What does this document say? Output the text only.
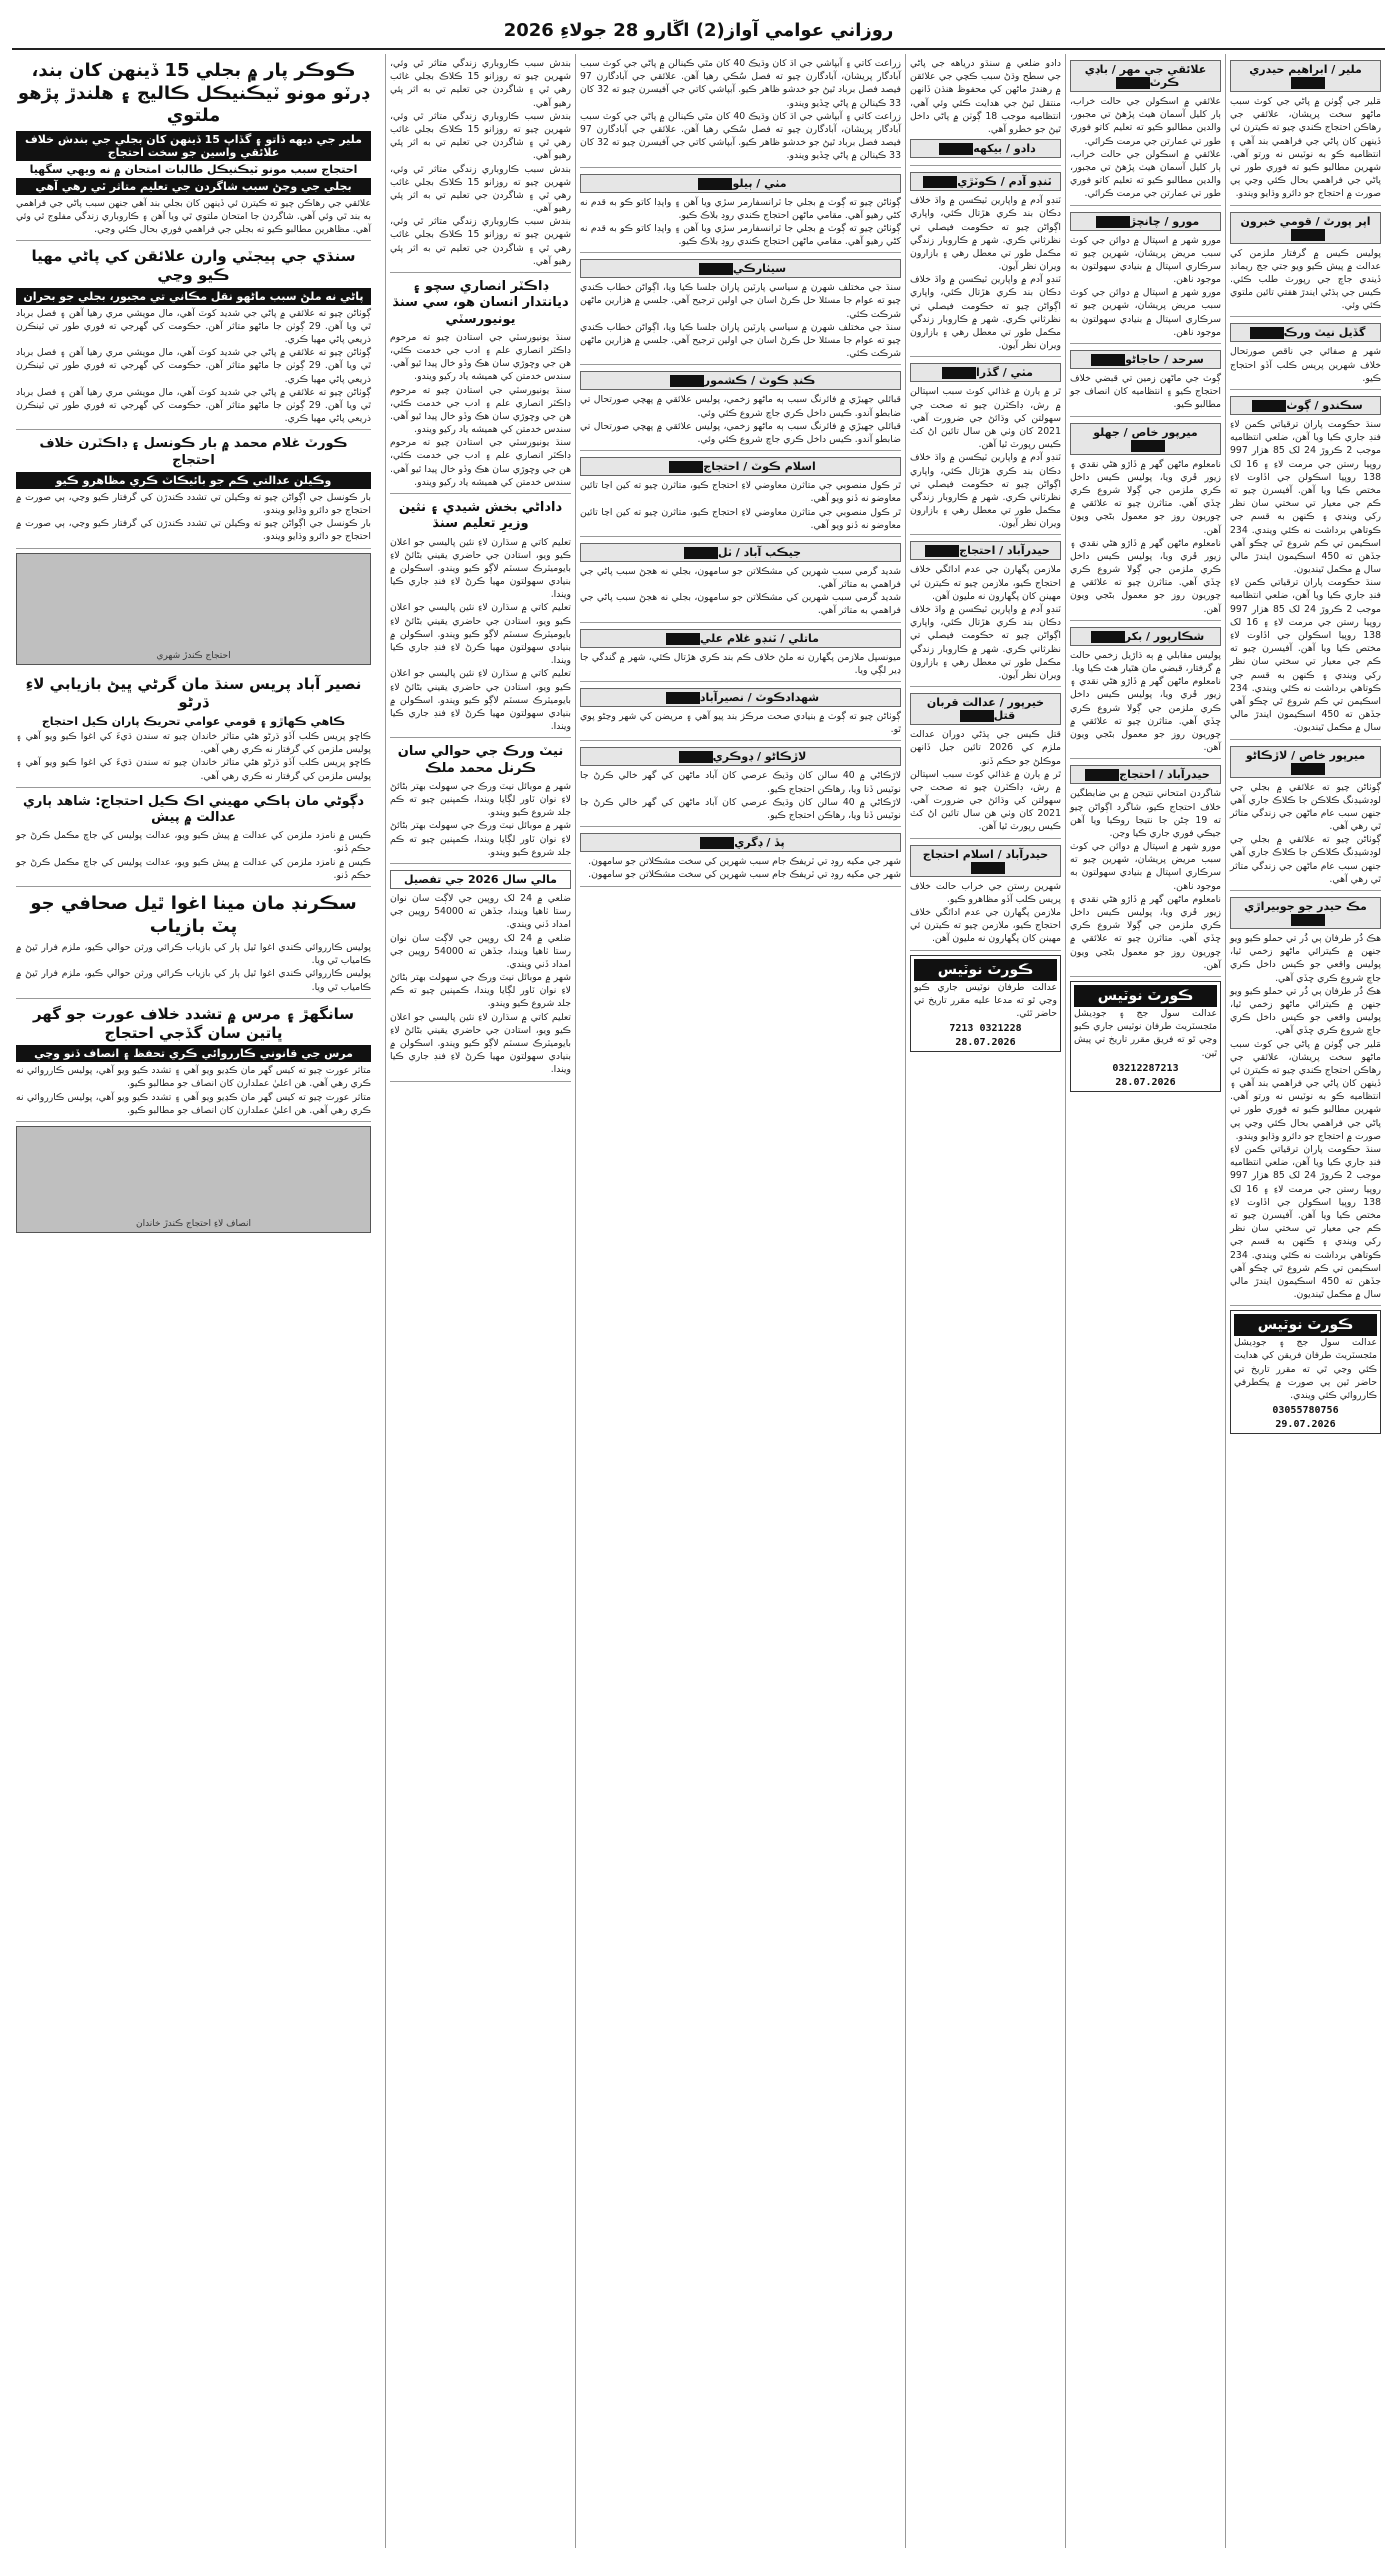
روزاني عوامي آواز(2) اڱارو 28 جولاءِ 2026
ملير / ابراهيم حيدري
مَلير جي ڳوٺن ۾ پاڻي جي کوٽ سبب ماڻهو سخت پريشان، علائقي جي رهاڪن احتجاج ڪندي چيو ته ڪيترن ئي ڏينهن کان پاڻي جي فراهمي بند آهي ۽ انتظاميه ڪو به نوٽيس نه ورتو آهي. شهرين مطالبو ڪيو ته فوري طور تي پاڻي جي فراهمي بحال ڪئي وڃي ٻي صورت ۾ احتجاج جو دائرو وڌايو ويندو.
اپر پورٽ / قومي خبرون
پوليس ڪيس ۾ گرفتار ملزمن کي عدالت ۾ پيش ڪيو ويو جتي جج ريمانڊ ڏيندي جاچ جي رپورٽ طلب ڪئي. ڪيس جي ٻڌڻي ايندڙ هفتي تائين ملتوي ڪئي وئي.
گڏيل نيٽ ورڪ
شهر ۾ صفائي جي ناقص صورتحال خلاف شهرين پريس ڪلب آڏو احتجاج ڪيو.
سڪندو / ڳوٺ
سنڌ حڪومت پاران ترقياتي ڪمن لاءِ فنڊ جاري ڪيا ويا آهن، ضلعي انتظاميه موجب 2 ڪروڙ 24 لک 85 هزار 997 روپيا رستن جي مرمت لاءِ ۽ 16 لک 138 روپيا اسڪولن جي اڏاوت لاءِ مختص ڪيا ويا آهن. آفيسرن چيو ته ڪم جي معيار تي سختي سان نظر رکي ويندي ۽ ڪنهن به قسم جي ڪوتاهي برداشت نه ڪئي ويندي. 234 اسڪيمن تي ڪم شروع ٿي چڪو آهي جڏهن ته 450 اسڪيمون ايندڙ مالي سال ۾ مڪمل ٿينديون.
سنڌ حڪومت پاران ترقياتي ڪمن لاءِ فنڊ جاري ڪيا ويا آهن، ضلعي انتظاميه موجب 2 ڪروڙ 24 لک 85 هزار 997 روپيا رستن جي مرمت لاءِ ۽ 16 لک 138 روپيا اسڪولن جي اڏاوت لاءِ مختص ڪيا ويا آهن. آفيسرن چيو ته ڪم جي معيار تي سختي سان نظر رکي ويندي ۽ ڪنهن به قسم جي ڪوتاهي برداشت نه ڪئي ويندي. 234 اسڪيمن تي ڪم شروع ٿي چڪو آهي جڏهن ته 450 اسڪيمون ايندڙ مالي سال ۾ مڪمل ٿينديون.
ميرپور خاص / لاڙڪاڻو
ڳوٺاڻن چيو ته علائقي ۾ بجلي جي لوڊشيڊنگ ڪلاڪن جا ڪلاڪ جاري آهي جنهن سبب عام ماڻهن جي زندگي متاثر ٿي رهي آهي.
ڳوٺاڻن چيو ته علائقي ۾ بجلي جي لوڊشيڊنگ ڪلاڪن جا ڪلاڪ جاري آهي جنهن سبب عام ماڻهن جي زندگي متاثر ٿي رهي آهي.
مڪ حيدر جو جوبيراڙي
هڪ ڌُر طرفان ٻي ڌُر تي حملو ڪيو ويو جنهن ۾ ڪيترائي ماڻهو زخمي ٿيا، پوليس واقعي جو ڪيس داخل ڪري جاچ شروع ڪري ڇڏي آهي.
هڪ ڌُر طرفان ٻي ڌُر تي حملو ڪيو ويو جنهن ۾ ڪيترائي ماڻهو زخمي ٿيا، پوليس واقعي جو ڪيس داخل ڪري جاچ شروع ڪري ڇڏي آهي.
مَلير جي ڳوٺن ۾ پاڻي جي کوٽ سبب ماڻهو سخت پريشان، علائقي جي رهاڪن احتجاج ڪندي چيو ته ڪيترن ئي ڏينهن کان پاڻي جي فراهمي بند آهي ۽ انتظاميه ڪو به نوٽيس نه ورتو آهي. شهرين مطالبو ڪيو ته فوري طور تي پاڻي جي فراهمي بحال ڪئي وڃي ٻي صورت ۾ احتجاج جو دائرو وڌايو ويندو.
سنڌ حڪومت پاران ترقياتي ڪمن لاءِ فنڊ جاري ڪيا ويا آهن، ضلعي انتظاميه موجب 2 ڪروڙ 24 لک 85 هزار 997 روپيا رستن جي مرمت لاءِ ۽ 16 لک 138 روپيا اسڪولن جي اڏاوت لاءِ مختص ڪيا ويا آهن. آفيسرن چيو ته ڪم جي معيار تي سختي سان نظر رکي ويندي ۽ ڪنهن به قسم جي ڪوتاهي برداشت نه ڪئي ويندي. 234 اسڪيمن تي ڪم شروع ٿي چڪو آهي جڏهن ته 450 اسڪيمون ايندڙ مالي سال ۾ مڪمل ٿينديون.
ڪورٽ نوٽيس
عدالت سول جج ۽ جوڊيشل مئجسٽريٽ طرفان فريقن کي هدايت ڪئي وڃي ٿي ته مقرر تاريخ تي حاضر ٿين ٻي صورت ۾ يڪطرفي ڪارروائي ڪئي ويندي.
03055780756
29.07.2026
علائقي جي مهر / باڊي ڪرٽ
علائقي ۾ اسڪولن جي حالت خراب، ٻار کليل آسمان هيٺ پڙهڻ تي مجبور، والدين مطالبو ڪيو ته تعليم کاتو فوري طور تي عمارتن جي مرمت ڪرائي.
علائقي ۾ اسڪولن جي حالت خراب، ٻار کليل آسمان هيٺ پڙهڻ تي مجبور، والدين مطالبو ڪيو ته تعليم کاتو فوري طور تي عمارتن جي مرمت ڪرائي.
مورو / چانچڙ
مورو شهر ۾ اسپتال ۾ دوائن جي کوٽ سبب مريض پريشان، شهرين چيو ته سرڪاري اسپتال ۾ بنيادي سهولتون به موجود ناهن.
مورو شهر ۾ اسپتال ۾ دوائن جي کوٽ سبب مريض پريشان، شهرين چيو ته سرڪاري اسپتال ۾ بنيادي سهولتون به موجود ناهن.
سرحد / حاجاڻو
ڳوٺ جي ماڻهن زمين تي قبضي خلاف احتجاج ڪيو ۽ انتظاميه کان انصاف جو مطالبو ڪيو.
ميرپور خاص / جهلو
نامعلوم ماڻهن گهر ۾ ڏاڙو هڻي نقدي ۽ زيور ڦري ويا، پوليس ڪيس داخل ڪري ملزمن جي ڳولا شروع ڪري ڇڏي آهي. متاثرن چيو ته علائقي ۾ چوريون روز جو معمول بڻجي ويون آهن.
نامعلوم ماڻهن گهر ۾ ڏاڙو هڻي نقدي ۽ زيور ڦري ويا، پوليس ڪيس داخل ڪري ملزمن جي ڳولا شروع ڪري ڇڏي آهي. متاثرن چيو ته علائقي ۾ چوريون روز جو معمول بڻجي ويون آهن.
شڪارپور / بکر
پوليس مقابلي ۾ ٻه ڌاڙيل زخمي حالت ۾ گرفتار، قبضي مان هٿيار هٿ ڪيا ويا.
نامعلوم ماڻهن گهر ۾ ڏاڙو هڻي نقدي ۽ زيور ڦري ويا، پوليس ڪيس داخل ڪري ملزمن جي ڳولا شروع ڪري ڇڏي آهي. متاثرن چيو ته علائقي ۾ چوريون روز جو معمول بڻجي ويون آهن.
حيدرآباد / احتجاج
شاگردن امتحاني نتيجن ۾ بي ضابطگين خلاف احتجاج ڪيو، شاگرد اڳواڻن چيو ته 19 ڄڻن جا نتيجا روڪيا ويا آهن جيڪي فوري جاري ڪيا وڃن.
مورو شهر ۾ اسپتال ۾ دوائن جي کوٽ سبب مريض پريشان، شهرين چيو ته سرڪاري اسپتال ۾ بنيادي سهولتون به موجود ناهن.
نامعلوم ماڻهن گهر ۾ ڏاڙو هڻي نقدي ۽ زيور ڦري ويا، پوليس ڪيس داخل ڪري ملزمن جي ڳولا شروع ڪري ڇڏي آهي. متاثرن چيو ته علائقي ۾ چوريون روز جو معمول بڻجي ويون آهن.
ڪورٽ نوٽيس
عدالت سول جج ۽ جوڊيشل مئجسٽريٽ طرفان نوٽيس جاري ڪيو وڃي ٿو ته فريق مقرر تاريخ تي پيش ٿين.
03212287213
28.07.2026
دادو ضلعي ۾ سنڌو درياهه جي پاڻي جي سطح وڌڻ سبب ڪچي جي علائقن ۾ رهندڙ ماڻهن کي محفوظ هنڌن ڏانهن منتقل ٿيڻ جي هدايت ڪئي وئي آهي، انتظاميه موجب 18 ڳوٺن ۾ پاڻي داخل ٿيڻ جو خطرو آهي.
دادو / بيکهه
ٽنڊو آدم / ڪوٽڙي
ٽنڊو آدم ۾ واپارين ٽيڪسن ۾ واڌ خلاف دڪان بند ڪري هڙتال ڪئي، واپاري اڳواڻن چيو ته حڪومت فيصلي تي نظرثاني ڪري. شهر ۾ ڪاروبار زندگي مڪمل طور تي معطل رهي ۽ بازارون ويران نظر آيون.
ٽنڊو آدم ۾ واپارين ٽيڪسن ۾ واڌ خلاف دڪان بند ڪري هڙتال ڪئي، واپاري اڳواڻن چيو ته حڪومت فيصلي تي نظرثاني ڪري. شهر ۾ ڪاروبار زندگي مڪمل طور تي معطل رهي ۽ بازارون ويران نظر آيون.
مٺي / گڏرا
ٿر ۾ ٻارن ۾ غذائي کوٽ سبب اسپتالن ۾ رش، ڊاڪٽرن چيو ته صحت جي سهولتن کي وڌائڻ جي ضرورت آهي. 2021 کان وٺي هن سال تائين اڻ کٽ ڪيس رپورٽ ٿيا آهن.
ٽنڊو آدم ۾ واپارين ٽيڪسن ۾ واڌ خلاف دڪان بند ڪري هڙتال ڪئي، واپاري اڳواڻن چيو ته حڪومت فيصلي تي نظرثاني ڪري. شهر ۾ ڪاروبار زندگي مڪمل طور تي معطل رهي ۽ بازارون ويران نظر آيون.
حيدرآباد / احتجاج
ملازمن پگهارن جي عدم ادائگي خلاف احتجاج ڪيو، ملازمن چيو ته ڪيترن ئي مهينن کان پگهارون نه مليون آهن.
ٽنڊو آدم ۾ واپارين ٽيڪسن ۾ واڌ خلاف دڪان بند ڪري هڙتال ڪئي، واپاري اڳواڻن چيو ته حڪومت فيصلي تي نظرثاني ڪري. شهر ۾ ڪاروبار زندگي مڪمل طور تي معطل رهي ۽ بازارون ويران نظر آيون.
خيرپور / عدالت قربان قتل
قتل ڪيس جي ٻڌڻي دوران عدالت ملزم کي 2026 تائين جيل ڏانهن موڪلڻ جو حڪم ڏنو.
ٿر ۾ ٻارن ۾ غذائي کوٽ سبب اسپتالن ۾ رش، ڊاڪٽرن چيو ته صحت جي سهولتن کي وڌائڻ جي ضرورت آهي. 2021 کان وٺي هن سال تائين اڻ کٽ ڪيس رپورٽ ٿيا آهن.
حيدرآباد / اسلام احتجاج
شهرين رستن جي خراب حالت خلاف پريس ڪلب آڏو مظاهرو ڪيو.
ملازمن پگهارن جي عدم ادائگي خلاف احتجاج ڪيو، ملازمن چيو ته ڪيترن ئي مهينن کان پگهارون نه مليون آهن.
ڪورٽ نوٽيس
عدالت طرفان نوٽيس جاري ڪيو وڃي ٿو ته مدعا عليه مقرر تاريخ تي حاضر ٿئي.
0321228 7213
28.07.2026
زراعت کاتي ۽ آبپاشي جي اڌ کان وڌيڪ 40 کان مٿي ڪينالن ۾ پاڻي جي کوٽ سبب آبادگار پريشان، آبادگارن چيو ته فصل سُڪي رهيا آهن. علائقي جي آبادگارن 97 فيصد فصل برباد ٿيڻ جو خدشو ظاهر ڪيو. آبپاشي کاتي جي آفيسرن چيو ته 32 کان 33 ڪينالن ۾ پاڻي ڇڏيو ويندو.
زراعت کاتي ۽ آبپاشي جي اڌ کان وڌيڪ 40 کان مٿي ڪينالن ۾ پاڻي جي کوٽ سبب آبادگار پريشان، آبادگارن چيو ته فصل سُڪي رهيا آهن. علائقي جي آبادگارن 97 فيصد فصل برباد ٿيڻ جو خدشو ظاهر ڪيو. آبپاشي کاتي جي آفيسرن چيو ته 32 کان 33 ڪينالن ۾ پاڻي ڇڏيو ويندو.
مٺي / ٻيلو
ڳوٺاڻن چيو ته ڳوٺ ۾ بجلي جا ٽرانسفارمر سڙي ويا آهن ۽ واپڊا کاتو ڪو به قدم نه کڻي رهيو آهي. مقامي ماڻهن احتجاج ڪندي روڊ بلاڪ ڪيو.
ڳوٺاڻن چيو ته ڳوٺ ۾ بجلي جا ٽرانسفارمر سڙي ويا آهن ۽ واپڊا کاتو ڪو به قدم نه کڻي رهيو آهي. مقامي ماڻهن احتجاج ڪندي روڊ بلاڪ ڪيو.
سيٺارڪي
سنڌ جي مختلف شهرن ۾ سياسي پارٽين پاران جلسا ڪيا ويا، اڳواڻن خطاب ڪندي چيو ته عوام جا مسئلا حل ڪرڻ اسان جي اولين ترجيح آهي. جلسي ۾ هزارين ماڻهن شرڪت ڪئي.
سنڌ جي مختلف شهرن ۾ سياسي پارٽين پاران جلسا ڪيا ويا، اڳواڻن خطاب ڪندي چيو ته عوام جا مسئلا حل ڪرڻ اسان جي اولين ترجيح آهي. جلسي ۾ هزارين ماڻهن شرڪت ڪئي.
ڪنڊ ڪوٽ / ڪشمور
قبائلي جهيڙي ۾ فائرنگ سبب ٻه ماڻهو زخمي، پوليس علائقي ۾ پهچي صورتحال تي ضابطو آندو. ڪيس داخل ڪري جاچ شروع ڪئي وئي.
قبائلي جهيڙي ۾ فائرنگ سبب ٻه ماڻهو زخمي، پوليس علائقي ۾ پهچي صورتحال تي ضابطو آندو. ڪيس داخل ڪري جاچ شروع ڪئي وئي.
اسلام ڪوٽ / احتجاج
ٿر ڪول منصوبي جي متاثرن معاوضي لاءِ احتجاج ڪيو، متاثرن چيو ته کين اڃا تائين معاوضو نه ڏنو ويو آهي.
ٿر ڪول منصوبي جي متاثرن معاوضي لاءِ احتجاج ڪيو، متاثرن چيو ته کين اڃا تائين معاوضو نه ڏنو ويو آهي.
جيڪب آباد / ٺل
شديد گرمي سبب شهرين کي مشڪلاتن جو سامهون، بجلي نه هجڻ سبب پاڻي جي فراهمي به متاثر آهي.
شديد گرمي سبب شهرين کي مشڪلاتن جو سامهون، بجلي نه هجڻ سبب پاڻي جي فراهمي به متاثر آهي.
ماتلي / ٽنڊو غلام علي
ميونسپل ملازمن پگهارن نه ملڻ خلاف ڪم بند ڪري هڙتال ڪئي، شهر ۾ گندگي جا ڍير لڳي ويا.
شهدادڪوٽ / نصيرآباد
ڳوٺاڻن چيو ته ڳوٺ ۾ بنيادي صحت مرڪز بند پيو آهي ۽ مريضن کي شهر وڃڻو پوي ٿو.
لاڙڪاڻو / ڊوڪري
لاڙڪاڻي ۾ 40 سالن کان وڌيڪ عرصي کان آباد ماڻهن کي گهر خالي ڪرڻ جا نوٽيس ڏنا ويا، رهاڪن احتجاج ڪيو.
لاڙڪاڻي ۾ 40 سالن کان وڌيڪ عرصي کان آباد ماڻهن کي گهر خالي ڪرڻ جا نوٽيس ڏنا ويا، رهاڪن احتجاج ڪيو.
پڏ / ڊگري
شهر جي مکيه روڊ تي ٽريفڪ جام سبب شهرين کي سخت مشڪلاتن جو سامهون.
شهر جي مکيه روڊ تي ٽريفڪ جام سبب شهرين کي سخت مشڪلاتن جو سامهون.
بندش سبب ڪاروباري زندگي متاثر ٿي وئي، شهرين چيو ته روزانو 15 ڪلاڪ بجلي غائب رهي ٿي ۽ شاگردن جي تعليم تي به اثر پئي رهيو آهي.
بندش سبب ڪاروباري زندگي متاثر ٿي وئي، شهرين چيو ته روزانو 15 ڪلاڪ بجلي غائب رهي ٿي ۽ شاگردن جي تعليم تي به اثر پئي رهيو آهي.
بندش سبب ڪاروباري زندگي متاثر ٿي وئي، شهرين چيو ته روزانو 15 ڪلاڪ بجلي غائب رهي ٿي ۽ شاگردن جي تعليم تي به اثر پئي رهيو آهي.
بندش سبب ڪاروباري زندگي متاثر ٿي وئي، شهرين چيو ته روزانو 15 ڪلاڪ بجلي غائب رهي ٿي ۽ شاگردن جي تعليم تي به اثر پئي رهيو آهي.
ڊاڪٽر انصاري سچو ۽ ديانتدار انسان هو، سي سنڌ يونيورسٽي
سنڌ يونيورسٽي جي استادن چيو ته مرحوم ڊاڪٽر انصاري علم ۽ ادب جي خدمت ڪئي، هن جي وڇوڙي سان هڪ وڏو خال پيدا ٿيو آهي. سندس خدمتن کي هميشه ياد رکيو ويندو.
سنڌ يونيورسٽي جي استادن چيو ته مرحوم ڊاڪٽر انصاري علم ۽ ادب جي خدمت ڪئي، هن جي وڇوڙي سان هڪ وڏو خال پيدا ٿيو آهي. سندس خدمتن کي هميشه ياد رکيو ويندو.
سنڌ يونيورسٽي جي استادن چيو ته مرحوم ڊاڪٽر انصاري علم ۽ ادب جي خدمت ڪئي، هن جي وڇوڙي سان هڪ وڏو خال پيدا ٿيو آهي. سندس خدمتن کي هميشه ياد رکيو ويندو.
داداڻي بخش شيدي ۽ نثين وزيرِ تعليم سنڌ
تعليم کاتي ۾ سڌارن لاءِ نئين پاليسي جو اعلان ڪيو ويو، استادن جي حاضري يقيني بڻائڻ لاءِ بايوميٽرڪ سسٽم لاڳو ڪيو ويندو. اسڪولن ۾ بنيادي سهولتون مهيا ڪرڻ لاءِ فنڊ جاري ڪيا ويندا.
تعليم کاتي ۾ سڌارن لاءِ نئين پاليسي جو اعلان ڪيو ويو، استادن جي حاضري يقيني بڻائڻ لاءِ بايوميٽرڪ سسٽم لاڳو ڪيو ويندو. اسڪولن ۾ بنيادي سهولتون مهيا ڪرڻ لاءِ فنڊ جاري ڪيا ويندا.
تعليم کاتي ۾ سڌارن لاءِ نئين پاليسي جو اعلان ڪيو ويو، استادن جي حاضري يقيني بڻائڻ لاءِ بايوميٽرڪ سسٽم لاڳو ڪيو ويندو. اسڪولن ۾ بنيادي سهولتون مهيا ڪرڻ لاءِ فنڊ جاري ڪيا ويندا.
نيٽ ورڪ جي حوالي سان ڪرنل محمد ملڪ
شهر ۾ موبائل نيٽ ورڪ جي سهولت بهتر بڻائڻ لاءِ نوان ٽاور لڳايا ويندا، ڪمپنين چيو ته ڪم جلد شروع ڪيو ويندو.
شهر ۾ موبائل نيٽ ورڪ جي سهولت بهتر بڻائڻ لاءِ نوان ٽاور لڳايا ويندا، ڪمپنين چيو ته ڪم جلد شروع ڪيو ويندو.
مالي سال 2026 جي تفصيل
ضلعي ۾ 24 لک روپين جي لاڳت سان نوان رستا ٺاهيا ويندا، جڏهن ته 54000 روپين جي امداد ڏني ويندي.
ضلعي ۾ 24 لک روپين جي لاڳت سان نوان رستا ٺاهيا ويندا، جڏهن ته 54000 روپين جي امداد ڏني ويندي.
شهر ۾ موبائل نيٽ ورڪ جي سهولت بهتر بڻائڻ لاءِ نوان ٽاور لڳايا ويندا، ڪمپنين چيو ته ڪم جلد شروع ڪيو ويندو.
تعليم کاتي ۾ سڌارن لاءِ نئين پاليسي جو اعلان ڪيو ويو، استادن جي حاضري يقيني بڻائڻ لاءِ بايوميٽرڪ سسٽم لاڳو ڪيو ويندو. اسڪولن ۾ بنيادي سهولتون مهيا ڪرڻ لاءِ فنڊ جاري ڪيا ويندا.
ڪوڪر پار ۾ بجلي 15 ڏينهن کان بند، ڊرٽو مونو ٽيڪنيڪل ڪاليج ۽ هلندڙ پڙهو ملتوي
ملير جي ديهه ڏاتو ۽ گڏاپ 15 ڏينهن کان بجلي جي بندش خلاف علائقي واسين جو سخت احتجاج
احتجاج سبب مونو ٽيڪنيڪل طالبات امتحان ۾ نه ويهي سگهيا
بجلي جي وڃڻ سبب شاگردن جي تعليم متاثر ٿي رهي آهي
علائقي جي رهاڪن چيو ته ڪيترن ئي ڏينهن کان بجلي بند آهي جنهن سبب پاڻي جي فراهمي به بند ٿي وئي آهي. شاگردن جا امتحان ملتوي ٿي ويا آهن ۽ ڪاروباري زندگي مفلوج ٿي وئي آهي. مظاهرين مطالبو ڪيو ته بجلي جي فراهمي فوري بحال ڪئي وڃي.
سنڌي جي ٻيجٽي وارن علائقن کي پاڻي مهيا ڪيو وڃي
پاڻي نه ملڻ سبب ماڻهو نقل مڪاني تي مجبور، بجلي جو بحران
ڳوٺاڻن چيو ته علائقي ۾ پاڻي جي شديد کوٽ آهي، مال مويشي مري رهيا آهن ۽ فصل برباد ٿي ويا آهن. 29 ڳوٺن جا ماڻهو متاثر آهن. حڪومت کي گهرجي ته فوري طور تي ٽينڪرن ذريعي پاڻي مهيا ڪري.
ڳوٺاڻن چيو ته علائقي ۾ پاڻي جي شديد کوٽ آهي، مال مويشي مري رهيا آهن ۽ فصل برباد ٿي ويا آهن. 29 ڳوٺن جا ماڻهو متاثر آهن. حڪومت کي گهرجي ته فوري طور تي ٽينڪرن ذريعي پاڻي مهيا ڪري.
ڳوٺاڻن چيو ته علائقي ۾ پاڻي جي شديد کوٽ آهي، مال مويشي مري رهيا آهن ۽ فصل برباد ٿي ويا آهن. 29 ڳوٺن جا ماڻهو متاثر آهن. حڪومت کي گهرجي ته فوري طور تي ٽينڪرن ذريعي پاڻي مهيا ڪري.
ڪورٽ غلام محمد ۾ بار ڪونسل ۽ ڊاڪٽرن خلاف احتجاج
وڪيلن عدالتي ڪم جو بائيڪاٽ ڪري مظاهرو ڪيو
بار ڪونسل جي اڳواڻن چيو ته وڪيلن تي تشدد ڪندڙن کي گرفتار ڪيو وڃي، ٻي صورت ۾ احتجاج جو دائرو وڌايو ويندو.
بار ڪونسل جي اڳواڻن چيو ته وڪيلن تي تشدد ڪندڙن کي گرفتار ڪيو وڃي، ٻي صورت ۾ احتجاج جو دائرو وڌايو ويندو.
احتجاج ڪندڙ شهري
نصير آباد پريس سنڌ مان گرڻي ڀيڻ بازيابي لاءِ ڌرڻو
ڪاهي ڪهاڙو ۽ قومي عوامي تحريڪ پاران ڪيل احتجاج
ڪاڇو پريس ڪلب آڏو ڌرڻو هڻي متاثر خاندان چيو ته سندن ڌيءَ کي اغوا ڪيو ويو آهي ۽ پوليس ملزمن کي گرفتار نه ڪري رهي آهي.
ڪاڇو پريس ڪلب آڏو ڌرڻو هڻي متاثر خاندان چيو ته سندن ڌيءَ کي اغوا ڪيو ويو آهي ۽ پوليس ملزمن کي گرفتار نه ڪري رهي آهي.
دڳوڻي مان ٻاڪي مهيني اڪ ڪيل احتجاج: شاهد ٻاري عدالت ۾ پيش
ڪيس ۾ نامزد ملزمن کي عدالت ۾ پيش ڪيو ويو، عدالت پوليس کي جاچ مڪمل ڪرڻ جو حڪم ڏنو.
ڪيس ۾ نامزد ملزمن کي عدالت ۾ پيش ڪيو ويو، عدالت پوليس کي جاچ مڪمل ڪرڻ جو حڪم ڏنو.
سڪرنڊ مان مينا اغوا ٿيل صحافي جو پٽ بازياب
پوليس ڪارروائي ڪندي اغوا ٿيل ٻار کي بازياب ڪرائي ورثن حوالي ڪيو، ملزم فرار ٿيڻ ۾ ڪامياب ٿي ويا.
پوليس ڪارروائي ڪندي اغوا ٿيل ٻار کي بازياب ڪرائي ورثن حوالي ڪيو، ملزم فرار ٿيڻ ۾ ڪامياب ٿي ويا.
سانگهڙ ۽ مرس ۾ تشدد خلاف عورت جو گهر ڀاتين سان گڏجي احتجاج
مرس جي قانوني ڪارروائي ڪري تحفظ ۽ انصاف ڏنو وڃي
متاثر عورت چيو ته کيس گهر مان ڪڍيو ويو آهي ۽ تشدد ڪيو ويو آهي، پوليس ڪارروائي نه ڪري رهي آهي. هن اعليٰ عملدارن کان انصاف جو مطالبو ڪيو.
متاثر عورت چيو ته کيس گهر مان ڪڍيو ويو آهي ۽ تشدد ڪيو ويو آهي، پوليس ڪارروائي نه ڪري رهي آهي. هن اعليٰ عملدارن کان انصاف جو مطالبو ڪيو.
انصاف لاءِ احتجاج ڪندڙ خاندان
